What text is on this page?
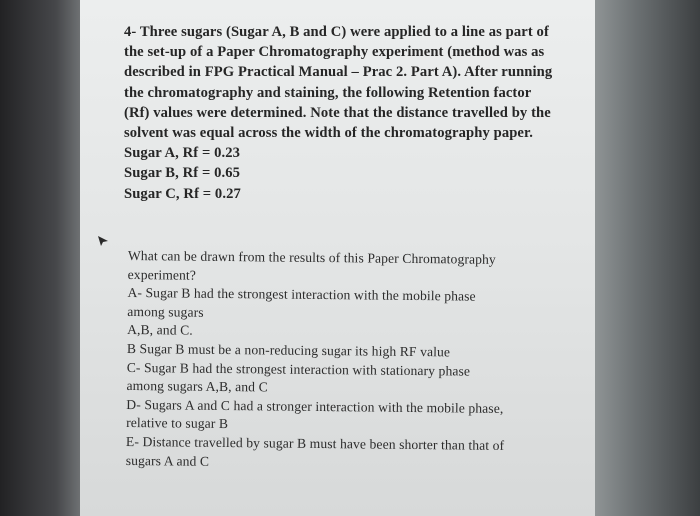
4- Three sugars (Sugar A, B and C) were applied to a line as part of
the set-up of a Paper Chromatography experiment (method was as
described in FPG Practical Manual – Prac 2. Part A). After running
the chromatography and staining, the following Retention factor
(Rf) values were determined. Note that the distance travelled by the
solvent was equal across the width of the chromatography paper.
Sugar A, Rf = 0.23
Sugar B, Rf = 0.65
Sugar C, Rf = 0.27
What can be drawn from the results of this Paper Chromatography
experiment?
A- Sugar B had the strongest interaction with the mobile phase
among sugars
A,B, and C.
B Sugar B must be a non-reducing sugar its high RF value
C- Sugar B had the strongest interaction with stationary phase
among sugars A,B, and C
D- Sugars A and C had a stronger interaction with the mobile phase,
relative to sugar B
E- Distance travelled by sugar B must have been shorter than that of
sugars A and C
